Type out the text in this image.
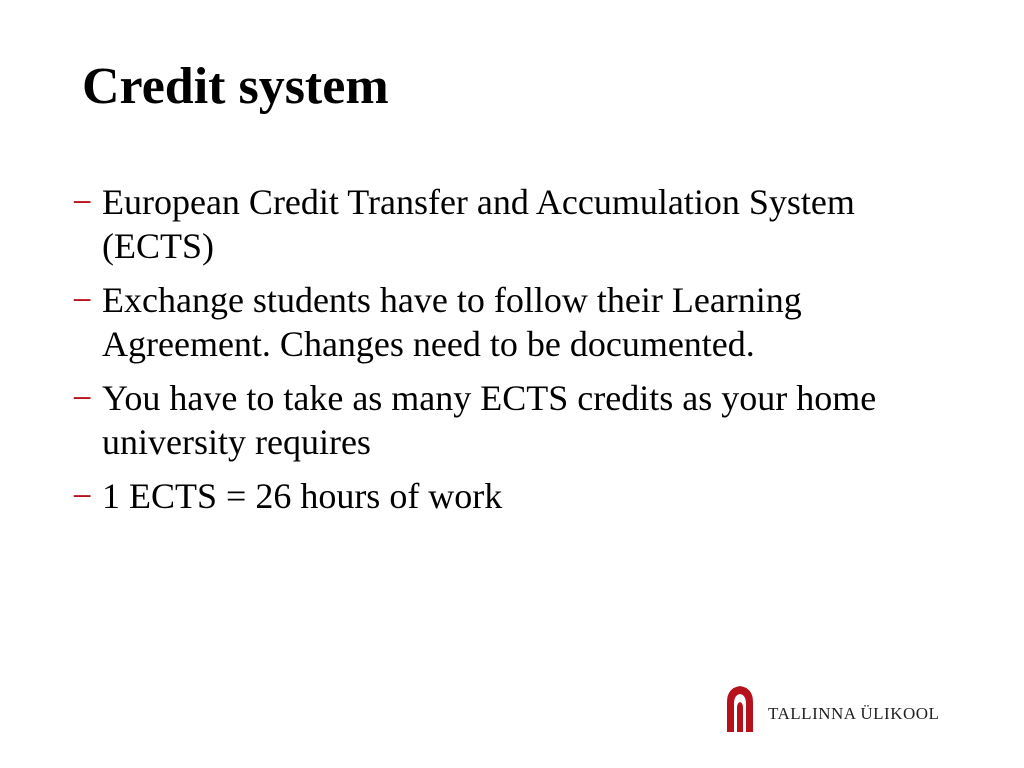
Credit system
− European Credit Transfer and Accumulation System (ECTS)
− Exchange students have to follow their Learning Agreement. Changes need to be documented.
− You have to take as many ECTS credits as your home university requires
− 1 ECTS = 26 hours of work
TALLINNA ÜLIKOOL
